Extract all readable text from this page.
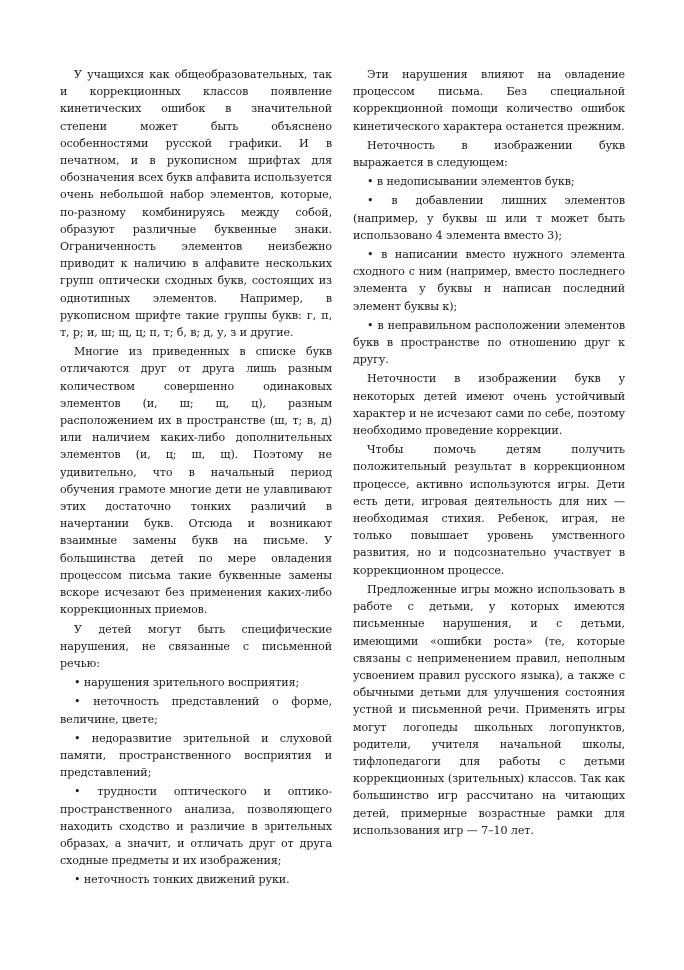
У учащихся как общеобразовательных, так и коррекционных классов появление кинетических ошибок в значительной степени может быть объяснено особенностями русской графики. И в печатном, и в рукописном шрифтах для обозначения всех букв алфавита используется очень небольшой набор элементов, которые, по-разному комбинируясь между собой, образуют различные буквенные знаки. Ограниченность элементов неизбежно приводит к наличию в алфавите нескольких групп оптически сходных букв, состоящих из однотипных элементов. Например, в рукописном шрифте такие группы букв: г, п, т, р; и, ш; щ, ц; п, т; б, в; д, у, з и другие.

Многие из приведенных в списке букв отличаются друг от друга лишь разным количеством совершенно одинаковых элементов (и, ш; щ, ц), разным расположением их в пространстве (ш, т; в, д) или наличием каких-либо дополнительных элементов (и, ц; ш, щ). Поэтому не удивительно, что в начальный период обучения грамоте многие дети не улавливают этих достаточно тонких различий в начертании букв. Отсюда и возникают взаимные замены букв на письме. У большинства детей по мере овладения процессом письма такие буквенные замены вскоре исчезают без применения каких-либо коррекционных приемов.

У детей могут быть специфические нарушения, не связанные с письменной речью:

• нарушения зрительного восприятия;

• неточность представлений о форме, величине, цвете;

• недоразвитие зрительной и слуховой памяти, пространственного восприятия и представлений;

• трудности оптического и оптико-пространственного анализа, позволяющего находить сходство и различие в зрительных образах, а значит, и отличать друг от друга сходные предметы и их изображения;

• неточность тонких движений руки.

Эти нарушения влияют на овладение процессом письма. Без специальной коррекционной помощи количество ошибок кинетического характера останется прежним.

Неточность в изображении букв выражается в следующем:

• в недописывании элементов букв;

• в добавлении лишних элементов (например, у буквы ш или т может быть использовано 4 элемента вместо 3);

• в написании вместо нужного элемента сходного с ним (например, вместо последнего элемента у буквы н написан последний элемент буквы к);

• в неправильном расположении элементов букв в пространстве по отношению друг к другу.

Неточности в изображении букв у некоторых детей имеют очень устойчивый характер и не исчезают сами по себе, поэтому необходимо проведение коррекции.

Чтобы помочь детям получить положительный результат в коррекционном процессе, активно используются игры. Дети есть дети, игровая деятельность для них — необходимая стихия. Ребенок, играя, не только повышает уровень умственного развития, но и подсознательно участвует в коррекционном процессе.

Предложенные игры можно использовать в работе с детьми, у которых имеются письменные нарушения, и с детьми, имеющими «ошибки роста» (те, которые связаны с неприменением правил, неполным усвоением правил русского языка), а также с обычными детьми для улучшения состояния устной и письменной речи. Применять игры могут логопеды школьных логопунктов, родители, учителя начальной школы, тифлопедагоги для работы с детьми коррекционных (зрительных) классов. Так как большинство игр рассчитано на читающих детей, примерные возрастные рамки для использования игр — 7–10 лет.
